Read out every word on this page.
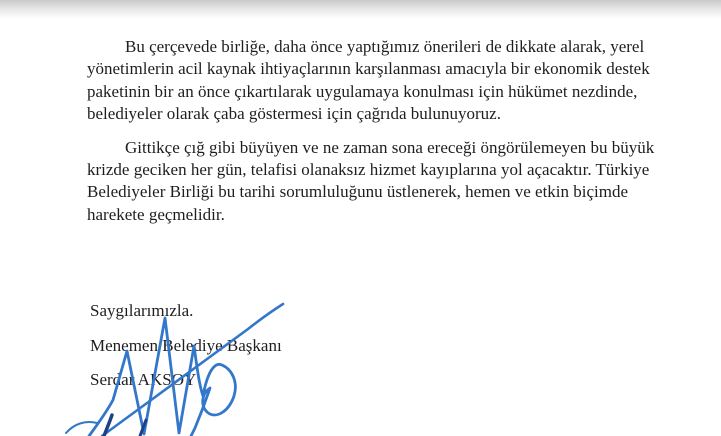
Bu çerçevede birliğe, daha önce yaptığımız önerileri de dikkate alarak, yerel
yönetimlerin acil kaynak ihtiyaçlarının karşılanması amacıyla bir ekonomik destek
paketinin bir an önce çıkartılarak uygulamaya konulması için hükümet nezdinde,
belediyeler olarak çaba göstermesi için çağrıda bulunuyoruz.
Gittikçe çığ gibi büyüyen ve ne zaman sona ereceği öngörülemeyen bu büyük
krizde geciken her gün, telafisi olanaksız hizmet kayıplarına yol açacaktır. Türkiye
Belediyeler Birliği bu tarihi sorumluluğunu üstlenerek, hemen ve etkin biçimde
harekete geçmelidir.
Saygılarımızla.
Menemen Belediye Başkanı
Serdar AKSOY
